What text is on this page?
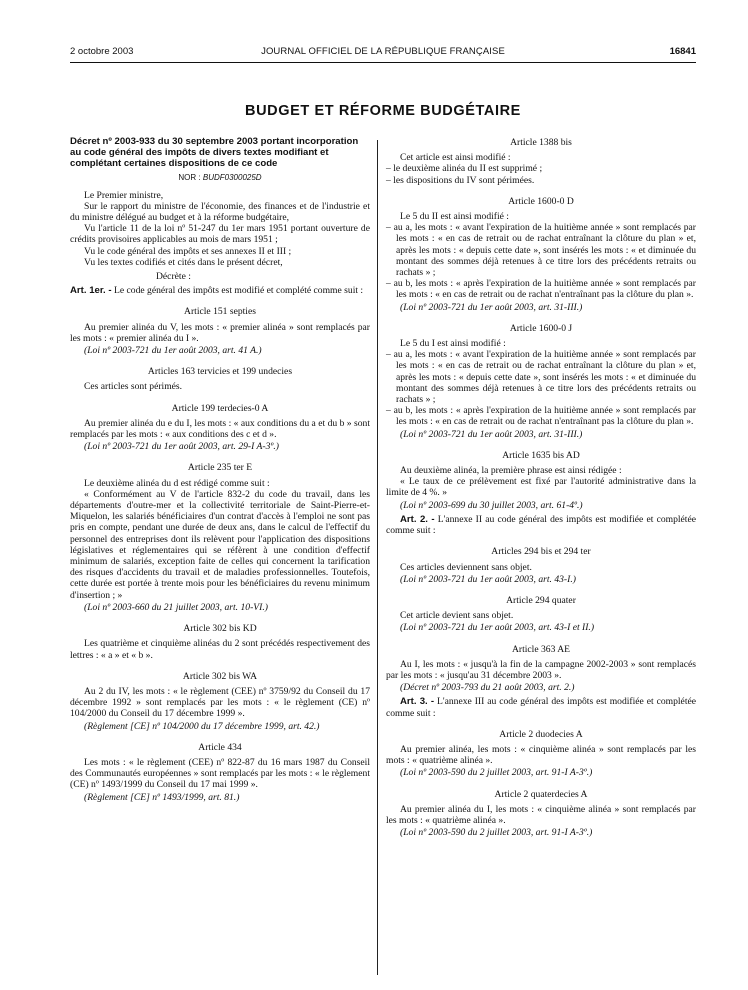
2 octobre 2003	JOURNAL OFFICIEL DE LA RÉPUBLIQUE FRANÇAISE	16841
BUDGET ET RÉFORME BUDGÉTAIRE

Décret nº 2003-933 du 30 septembre 2003 portant incorporation au code général des impôts de divers textes modifiant et complétant certaines dispositions de ce code

NOR : BUDF0300025D

Le Premier ministre,

Sur le rapport du ministre de l'économie, des finances et de l'industrie et du ministre délégué au budget et à la réforme budgétaire,

Vu l'article 11 de la loi nº 51-247 du 1er mars 1951 portant ouverture de crédits provisoires applicables au mois de mars 1951 ;

Vu le code général des impôts et ses annexes II et III ;

Vu les textes codifiés et cités dans le présent décret,

Décrète :

Art. 1er. - Le code général des impôts est modifié et complété comme suit :

Article 151 septies

Au premier alinéa du V, les mots : « premier alinéa » sont remplacés par les mots : « premier alinéa du I ».

(Loi nº 2003-721 du 1er août 2003, art. 41 A.)

Articles 163 tervicies et 199 undecies

Ces articles sont périmés.

Article 199 terdecies-0 A

Au premier alinéa du e du I, les mots : « aux conditions du a et du b » sont remplacés par les mots : « aux conditions des c et d ».

(Loi nº 2003-721 du 1er août 2003, art. 29-I A-3º.)

Article 235 ter E

Le deuxième alinéa du d est rédigé comme suit :

« Conformément au V de l'article 832-2 du code du travail, dans les départements d'outre-mer et la collectivité territoriale de Saint-Pierre-et-Miquelon, les salariés bénéficiaires d'un contrat d'accès à l'emploi ne sont pas pris en compte, pendant une durée de deux ans, dans le calcul de l'effectif du personnel des entreprises dont ils relèvent pour l'application des dispositions législatives et réglementaires qui se réfèrent à une condition d'effectif minimum de salariés, exception faite de celles qui concernent la tarification des risques d'accidents du travail et de maladies professionnelles. Toutefois, cette durée est portée à trente mois pour les bénéficiaires du revenu minimum d'insertion ; »

(Loi nº 2003-660 du 21 juillet 2003, art. 10-VI.)

Article 302 bis KD

Les quatrième et cinquième alinéas du 2 sont précédés respectivement des lettres : « a » et « b ».

Article 302 bis WA

Au 2 du IV, les mots : « le règlement (CEE) nº 3759/92 du Conseil du 17 décembre 1992 » sont remplacés par les mots : « le règlement (CE) nº 104/2000 du Conseil du 17 décembre 1999 ».

(Règlement [CE] nº 104/2000 du 17 décembre 1999, art. 42.)

Article 434

Les mots : « le règlement (CEE) nº 822-87 du 16 mars 1987 du Conseil des Communautés européennes » sont remplacés par les mots : « le règlement (CE) nº 1493/1999 du Conseil du 17 mai 1999 ».

(Règlement [CE] nº 1493/1999, art. 81.)

Article 1388 bis

Cet article est ainsi modifié :

– le deuxième alinéa du II est supprimé ;
– les dispositions du IV sont périmées.

Article 1600-0 D

Le 5 du II est ainsi modifié :

– au a, les mots : « avant l'expiration de la huitième année » sont remplacés par les mots : « en cas de retrait ou de rachat entraînant la clôture du plan » et, après les mots : « depuis cette date », sont insérés les mots : « et diminuée du montant des sommes déjà retenues à ce titre lors des précédents retraits ou rachats » ;
– au b, les mots : « après l'expiration de la huitième année » sont remplacés par les mots : « en cas de retrait ou de rachat n'entraînant pas la clôture du plan ».

(Loi nº 2003-721 du 1er août 2003, art. 31-III.)

Article 1600-0 J

Le 5 du I est ainsi modifié :

– au a, les mots : « avant l'expiration de la huitième année » sont remplacés par les mots : « en cas de retrait ou de rachat entraînant la clôture du plan » et, après les mots : « depuis cette date », sont insérés les mots : « et diminuée du montant des sommes déjà retenues à ce titre lors des précédents retraits ou rachats » ;
– au b, les mots : « après l'expiration de la huitième année » sont remplacés par les mots : « en cas de retrait ou de rachat n'entraînant pas la clôture du plan ».

(Loi nº 2003-721 du 1er août 2003, art. 31-III.)

Article 1635 bis AD

Au deuxième alinéa, la première phrase est ainsi rédigée :

« Le taux de ce prélèvement est fixé par l'autorité administrative dans la limite de 4 %. »

(Loi nº 2003-699 du 30 juillet 2003, art. 61-4º.)

Art. 2. - L'annexe II au code général des impôts est modifiée et complétée comme suit :

Articles 294 bis et 294 ter

Ces articles deviennent sans objet.

(Loi nº 2003-721 du 1er août 2003, art. 43-I.)

Article 294 quater

Cet article devient sans objet.

(Loi nº 2003-721 du 1er août 2003, art. 43-I et II.)

Article 363 AE

Au I, les mots : « jusqu'à la fin de la campagne 2002-2003 » sont remplacés par les mots : « jusqu'au 31 décembre 2003 ».

(Décret nº 2003-793 du 21 août 2003, art. 2.)

Art. 3. - L'annexe III au code général des impôts est modifiée et complétée comme suit :

Article 2 duodecies A

Au premier alinéa, les mots : « cinquième alinéa » sont remplacés par les mots : « quatrième alinéa ».

(Loi nº 2003-590 du 2 juillet 2003, art. 91-I A-3º.)

Article 2 quaterdecies A

Au premier alinéa du I, les mots : « cinquième alinéa » sont remplacés par les mots : « quatrième alinéa ».

(Loi nº 2003-590 du 2 juillet 2003, art. 91-I A-3º.)
